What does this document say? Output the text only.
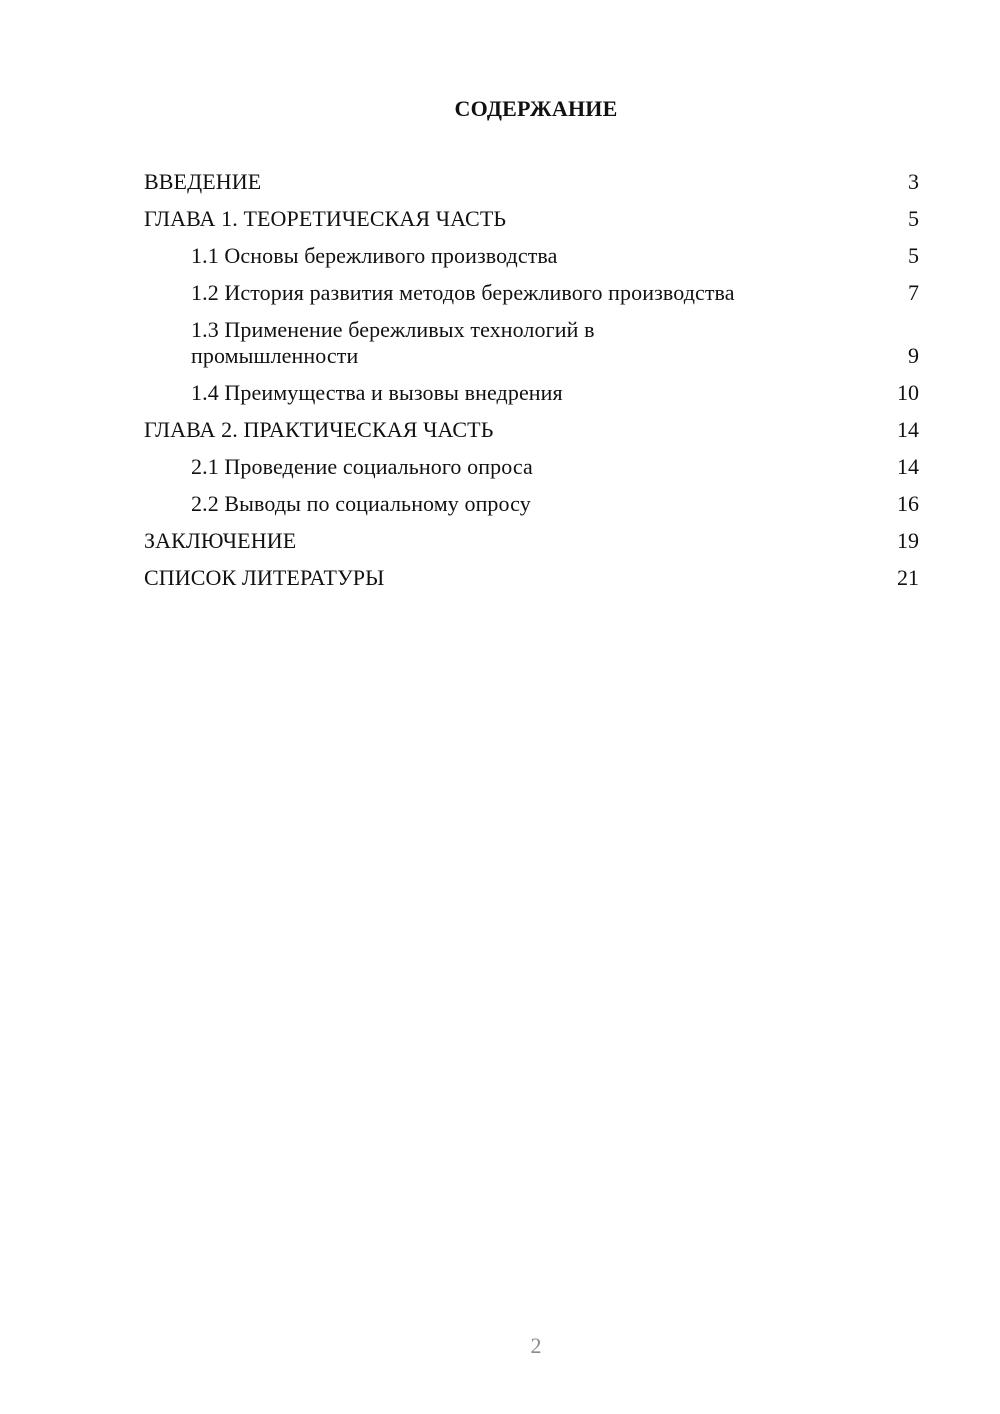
СОДЕРЖАНИЕ
ВВЕДЕНИЕ	3
ГЛАВА 1. ТЕОРЕТИЧЕСКАЯ ЧАСТЬ	5
1.1 Основы бережливого производства	5
1.2 История развития методов бережливого производства	7
1.3 Применение бережливых технологий в
промышленности	9
1.4 Преимущества и вызовы внедрения	10
ГЛАВА 2. ПРАКТИЧЕСКАЯ ЧАСТЬ	14
2.1 Проведение социального опроса	14
2.2 Выводы по социальному опросу	16
ЗАКЛЮЧЕНИЕ	19
СПИСОК ЛИТЕРАТУРЫ	21
2
